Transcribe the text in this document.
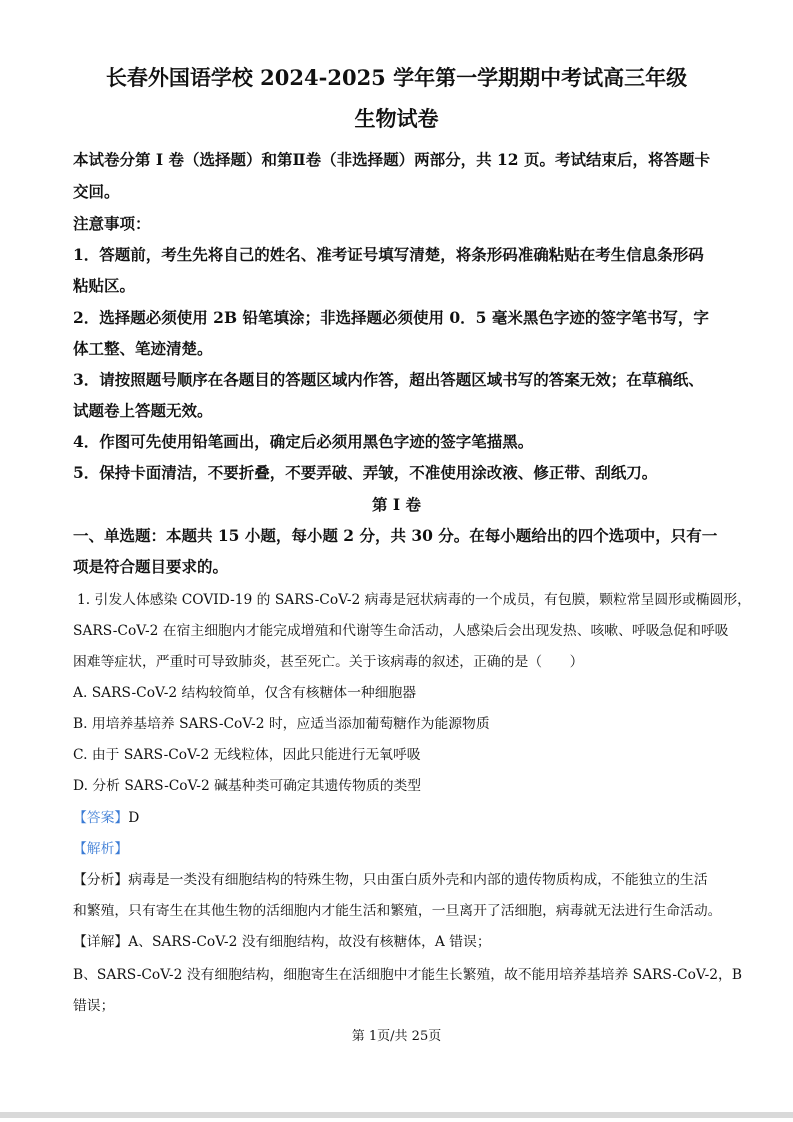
长春外国语学校 2024-2025 学年第一学期期中考试高三年级
生物试卷
本试卷分第 I 卷（选择题）和第Ⅱ卷（非选择题）两部分，共 12 页。考试结束后，将答题卡
交回。
注意事项：
1．答题前，考生先将自己的姓名、准考证号填写清楚，将条形码准确粘贴在考生信息条形码
粘贴区。
2．选择题必须使用 2B 铅笔填涂；非选择题必须使用 0．5 毫米黑色字迹的签字笔书写，字
体工整、笔迹清楚。
3．请按照题号顺序在各题目的答题区域内作答，超出答题区域书写的答案无效；在草稿纸、
试题卷上答题无效。
4．作图可先使用铅笔画出，确定后必须用黑色字迹的签字笔描黑。
5．保持卡面清洁，不要折叠，不要弄破、弄皱，不准使用涂改液、修正带、刮纸刀。
第 I 卷
一、单选题：本题共 15 小题，每小题 2 分，共 30 分。在每小题给出的四个选项中，只有一
项是符合题目要求的。
1. 引发人体感染 COVID-19 的 SARS-CoV-2 病毒是冠状病毒的一个成员，有包膜，颗粒常呈圆形或椭圆形，
SARS-CoV-2 在宿主细胞内才能完成增殖和代谢等生命活动，人感染后会出现发热、咳嗽、呼吸急促和呼吸
困难等症状，严重时可导致肺炎，甚至死亡。关于该病毒的叙述，正确的是（　　）
A. SARS-CoV-2 结构较简单，仅含有核糖体一种细胞器
B. 用培养基培养 SARS-CoV-2 时，应适当添加葡萄糖作为能源物质
C. 由于 SARS-CoV-2 无线粒体，因此只能进行无氧呼吸
D. 分析 SARS-CoV-2 碱基种类可确定其遗传物质的类型
【答案】D
【解析】
【分析】病毒是一类没有细胞结构的特殊生物，只由蛋白质外壳和内部的遗传物质构成，不能独立的生活
和繁殖，只有寄生在其他生物的活细胞内才能生活和繁殖，一旦离开了活细胞，病毒就无法进行生命活动。
【详解】A、SARS-CoV-2 没有细胞结构，故没有核糖体，A 错误；
B、SARS-CoV-2 没有细胞结构，细胞寄生在活细胞中才能生长繁殖，故不能用培养基培养 SARS-CoV-2，B
错误；
第 1页/共 25页
